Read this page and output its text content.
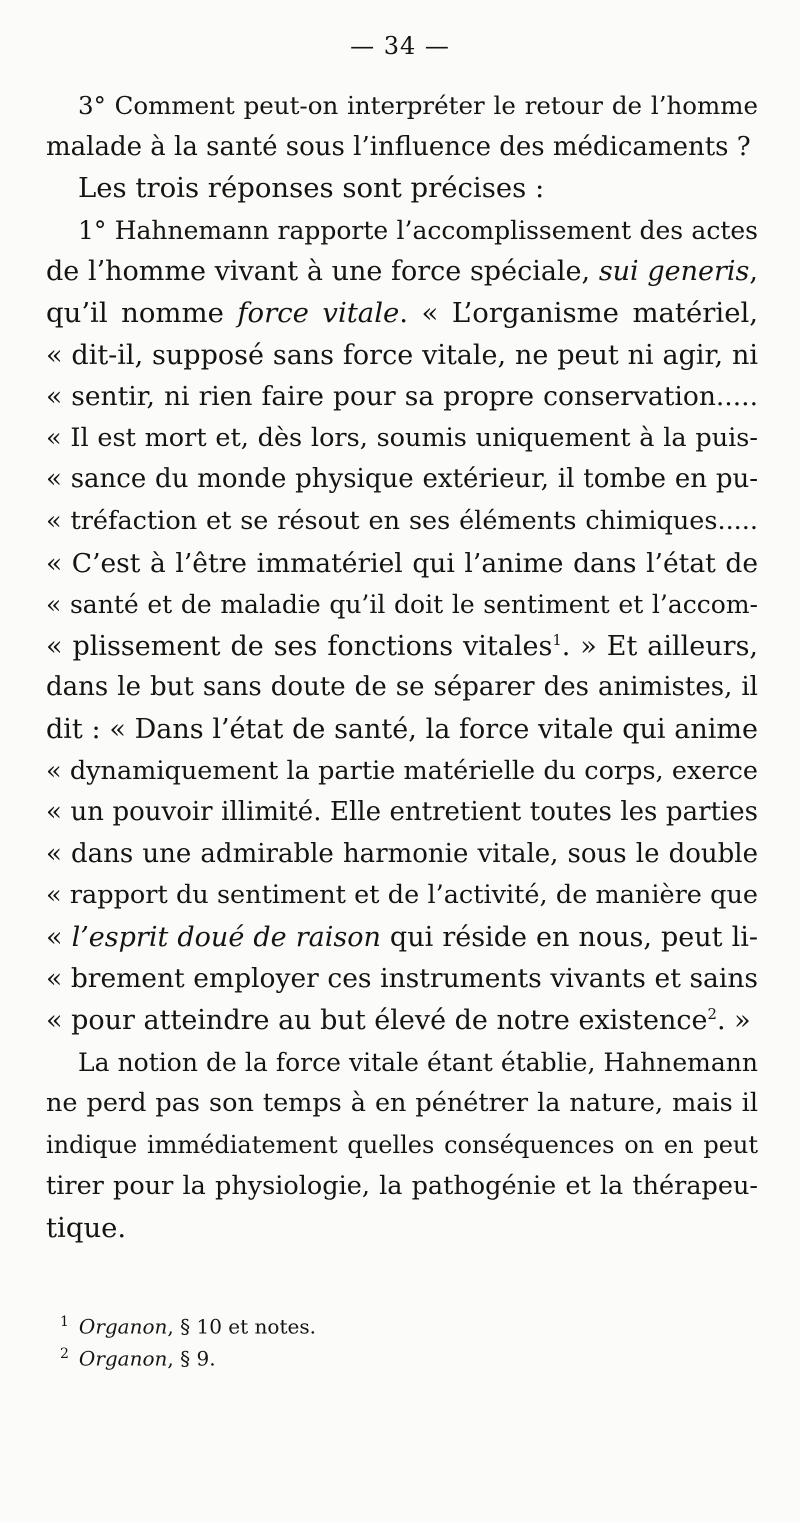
— 34 —
3° Comment peut-on interpréter le retour de l’homme
malade à la santé sous l’influence des médicaments ?
Les trois réponses sont précises :
1° Hahnemann rapporte l’accomplissement des actes
de l’homme vivant à une force spéciale, sui generis,
qu’il nomme force vitale. « L’organisme matériel,
« dit-il, supposé sans force vitale, ne peut ni agir, ni
« sentir, ni rien faire pour sa propre conservation.....
« Il est mort et, dès lors, soumis uniquement à la puis-
« sance du monde physique extérieur, il tombe en pu-
« tréfaction et se résout en ses éléments chimiques.....
« C’est à l’être immatériel qui l’anime dans l’état de
« santé et de maladie qu’il doit le sentiment et l’accom-
« plissement de ses fonctions vitales$^1$. » Et ailleurs,
dans le but sans doute de se séparer des animistes, il
dit : « Dans l’état de santé, la force vitale qui anime
« dynamiquement la partie matérielle du corps, exerce
« un pouvoir illimité. Elle entretient toutes les parties
« dans une admirable harmonie vitale, sous le double
« rapport du sentiment et de l’activité, de manière que
« l’esprit doué de raison qui réside en nous, peut li-
« brement employer ces instruments vivants et sains
« pour atteindre au but élevé de notre existence$^2$. »
La notion de la force vitale étant établie, Hahnemann
ne perd pas son temps à en pénétrer la nature, mais il
indique immédiatement quelles conséquences on en peut
tirer pour la physiologie, la pathogénie et la thérapeu-
tique.
$^1$ Organon, § 10 et notes.
$^2$ Organon, § 9.
